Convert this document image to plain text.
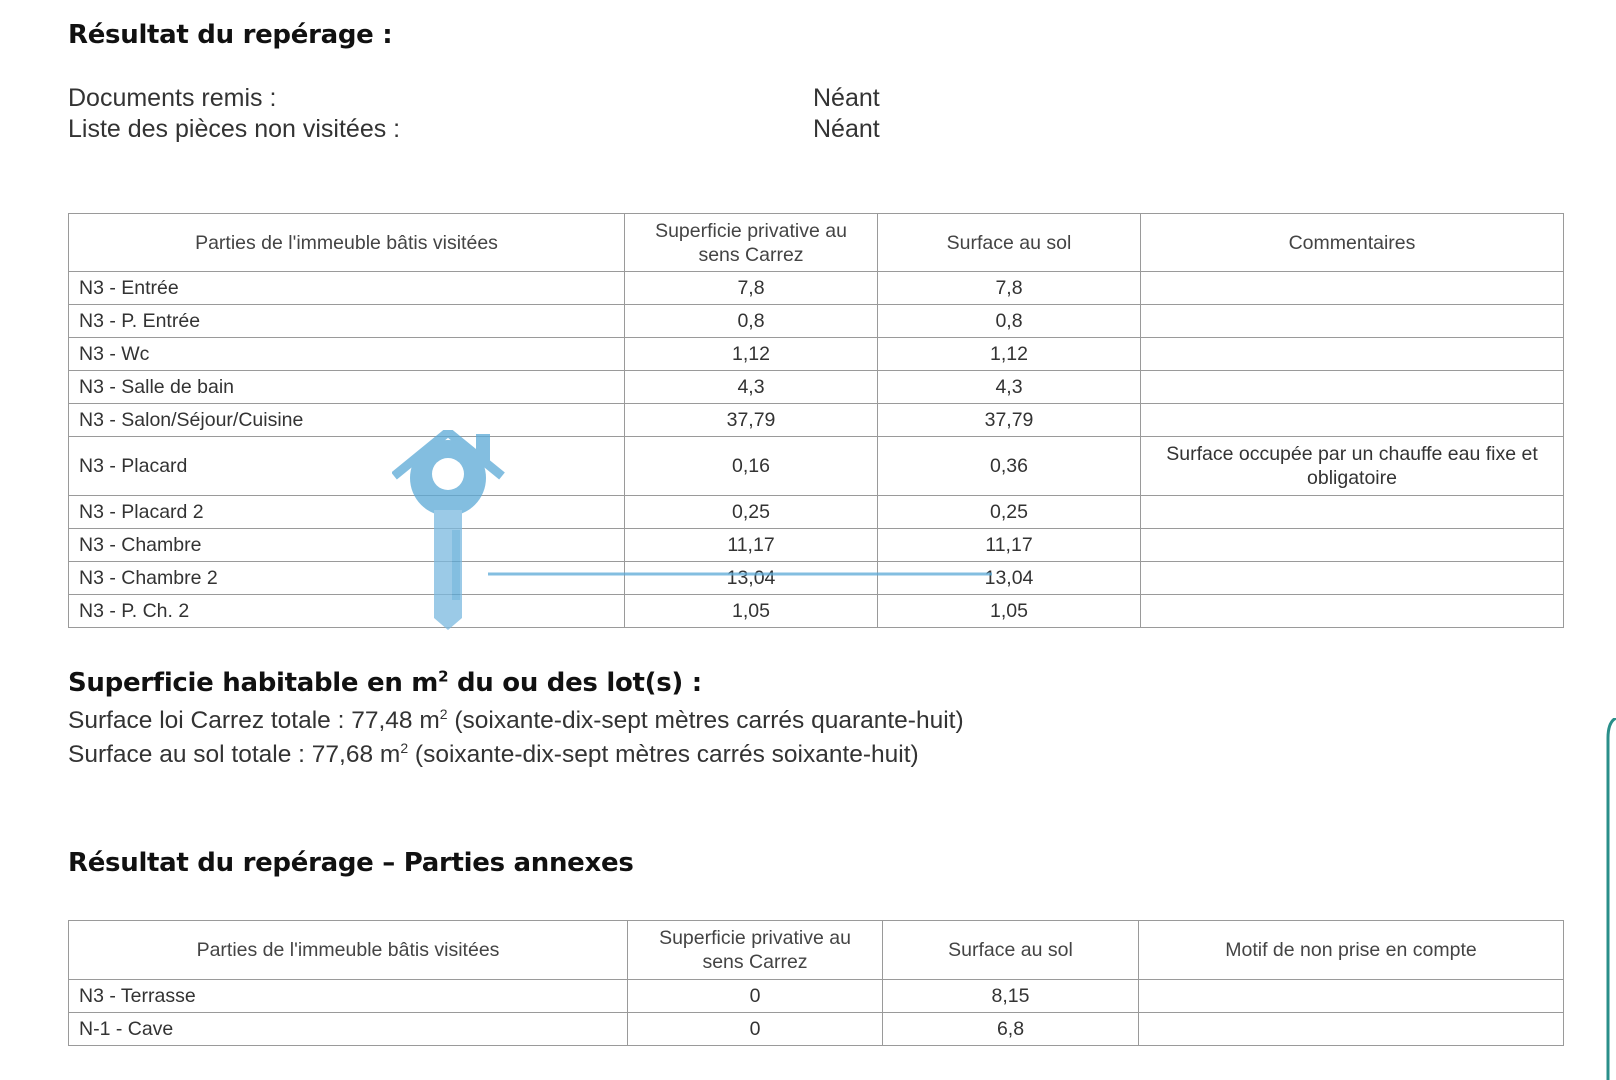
Résultat du repérage :
Documents remis :	Néant
Liste des pièces non visitées :	Néant
Parties de l'immeuble bâtis visitées	Superficie privative au sens Carrez	Surface au sol	Commentaires
N3 - Entrée	7,8	7,8	
N3 - P. Entrée	0,8	0,8	
N3 - Wc	1,12	1,12	
N3 - Salle de bain	4,3	4,3	
N3 - Salon/Séjour/Cuisine	37,79	37,79	
N3 - Placard	0,16	0,36	Surface occupée par un chauffe eau fixe et obligatoire
N3 - Placard 2	0,25	0,25	
N3 - Chambre	11,17	11,17	
N3 - Chambre 2	13,04	13,04	
N3 - P. Ch. 2	1,05	1,05	
Superficie habitable en $m^2$ du ou des lot(s) :
Surface loi Carrez totale : 77,48 $m^2$ (soixante-dix-sept mètres carrés quarante-huit)
Surface au sol totale : 77,68 $m^2$ (soixante-dix-sept mètres carrés soixante-huit)
Résultat du repérage – Parties annexes
Parties de l'immeuble bâtis visitées	Superficie privative au sens Carrez	Surface au sol	Motif de non prise en compte
N3 - Terrasse	0	8,15	
N-1 - Cave	0	6,8	
